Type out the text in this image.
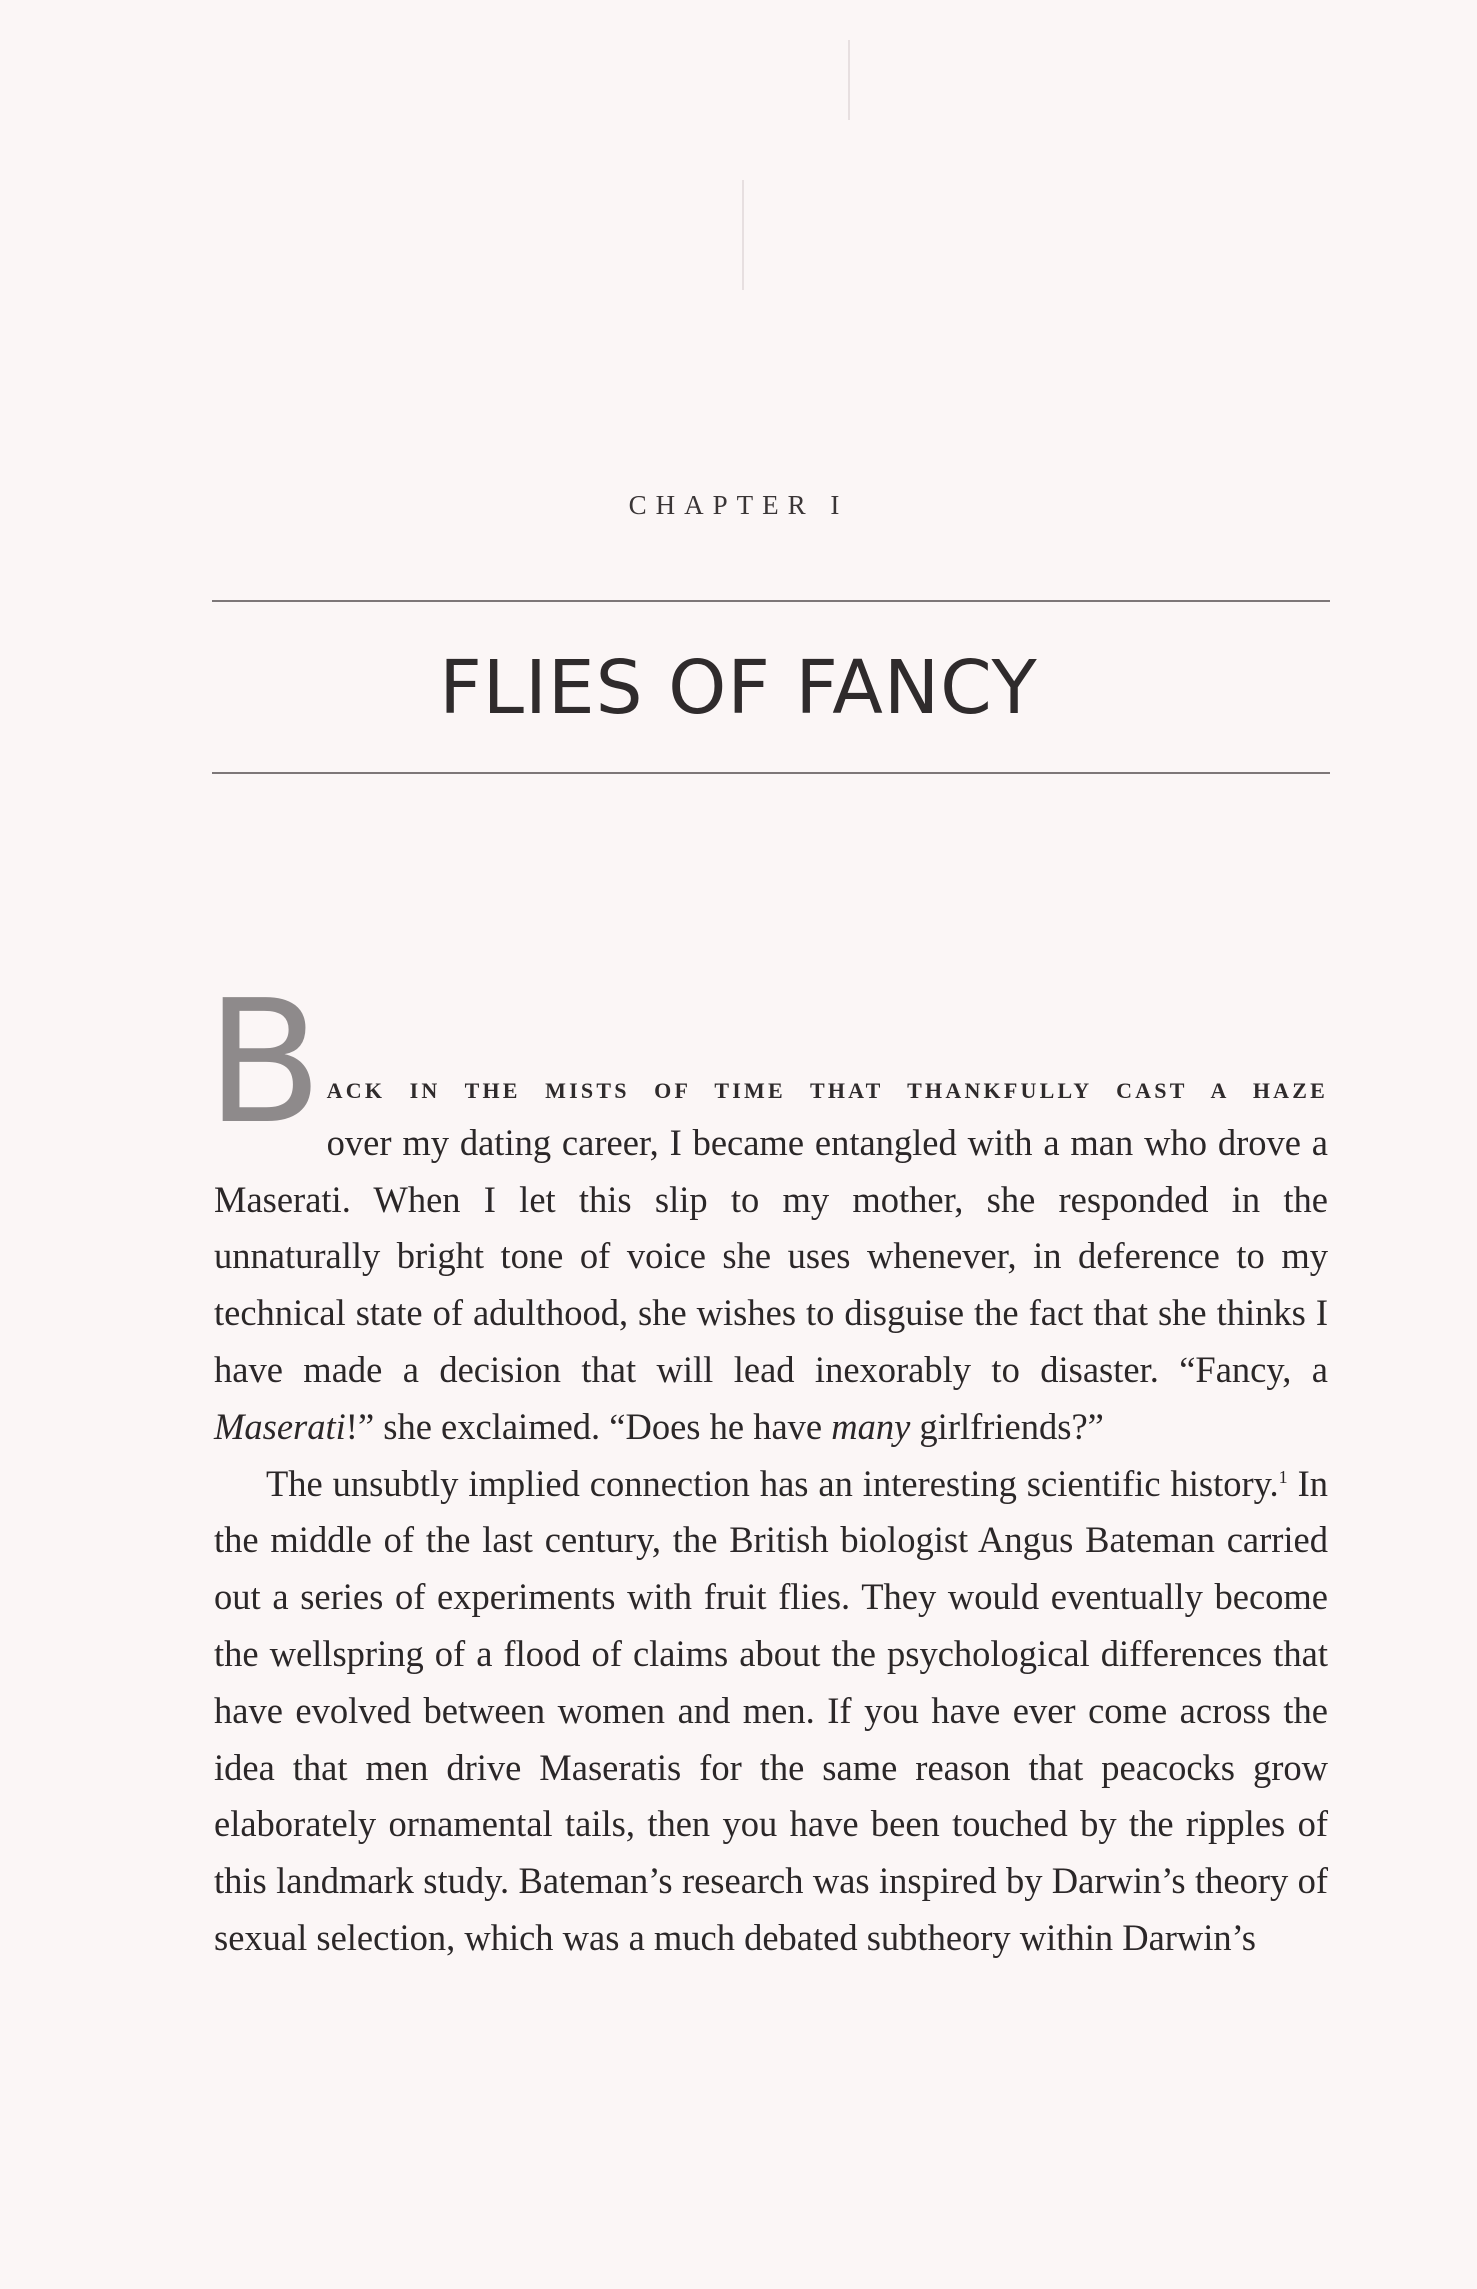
CHAPTER I
FLIES OF FANCY

B ACK IN THE MISTS OF TIME THAT THANKFULLY CAST A HAZE
over my dating career, I became entangled with a man who drove a Maserati. When I let this slip to my mother, she responded in the unnaturally bright tone of voice she uses whenever, in deference to my technical state of adulthood, she wishes to disguise the fact that she thinks I have made a decision that will lead inexorably to disaster. “Fancy, a Maserati!” she exclaimed. “Does he have many girlfriends?”

The unsubtly implied connection has an interesting scientific history.$^1$ In the middle of the last century, the British biologist Angus Bateman carried out a series of experiments with fruit flies. They would eventually become the wellspring of a flood of claims about the psychological differences that have evolved between women and men. If you have ever come across the idea that men drive Maseratis for the same reason that peacocks grow elaborately ornamental tails, then you have been touched by the ripples of this landmark study. Bateman’s research was inspired by Darwin’s theory of sexual selection, which was a much debated subtheory within Darwin’s
